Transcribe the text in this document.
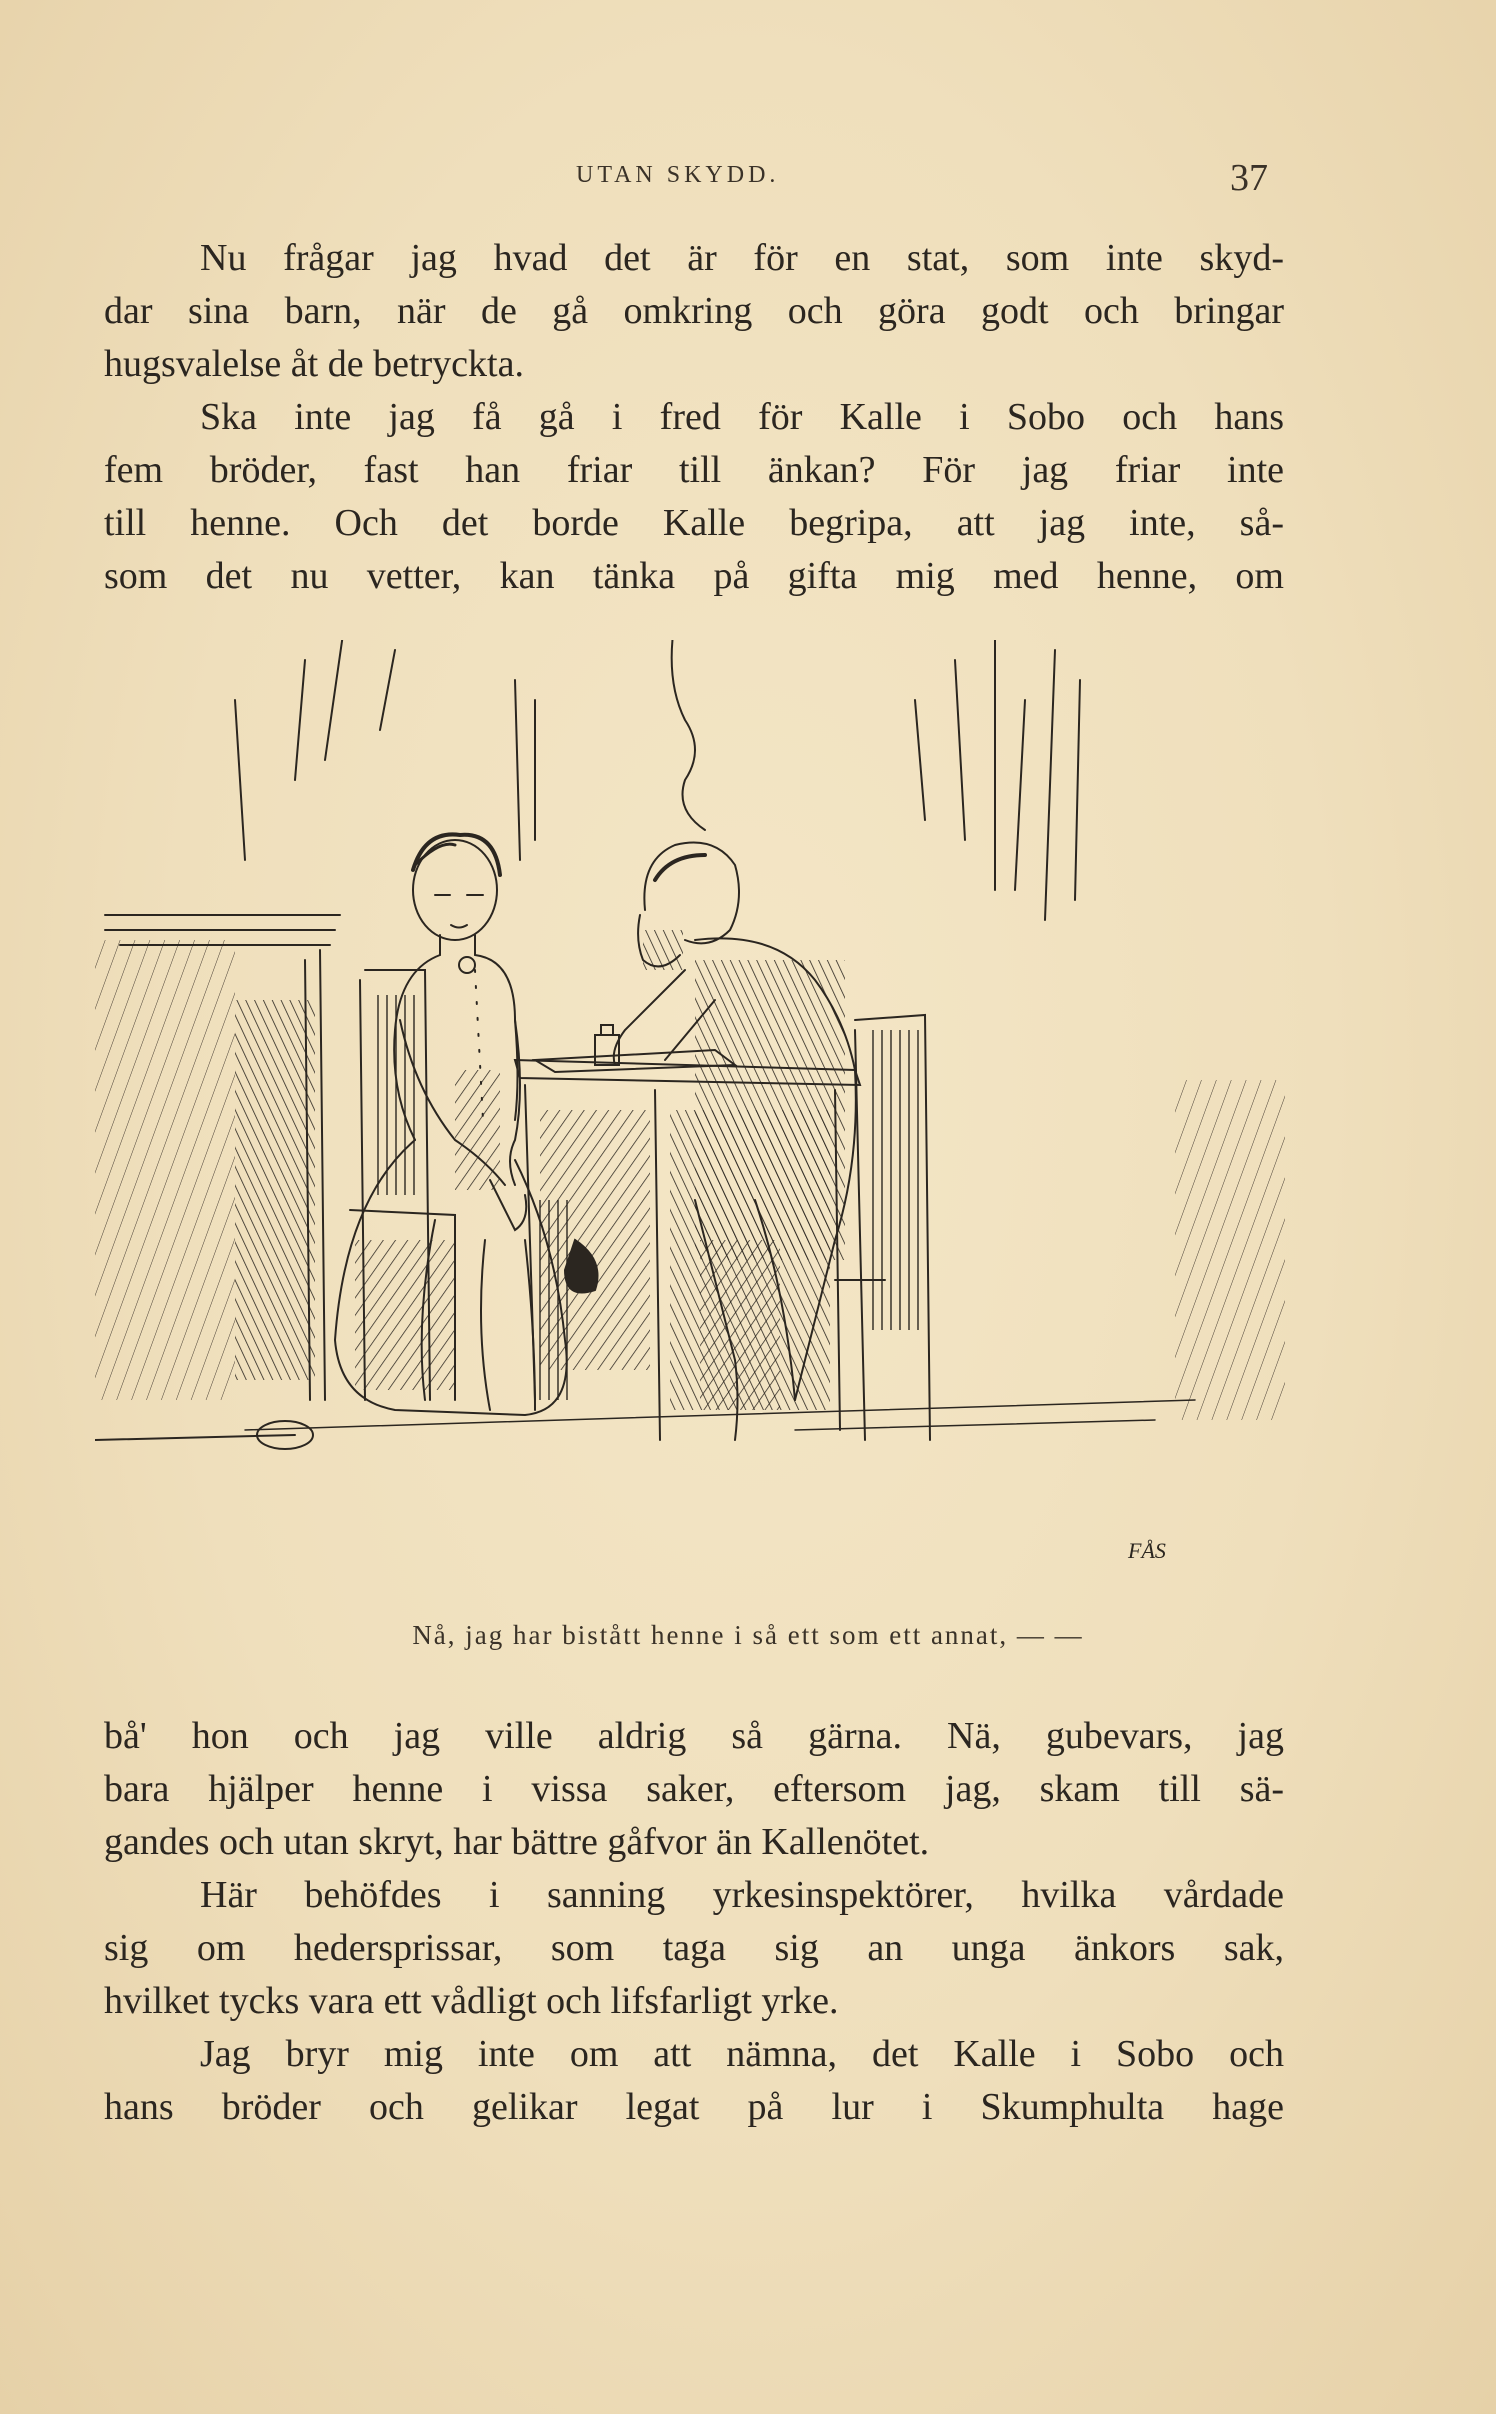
UTAN SKYDD.	37

Nu frågar jag hvad det är för en stat, som inte skyd-

dar sina barn, när de gå omkring och göra godt och bringar

hugsvalelse åt de betryckta.

Ska inte jag få gå i fred för Kalle i Sobo och hans

fem bröder, fast han friar till änkan? För jag friar inte

till henne. Och det borde Kalle begripa, att jag inte, så-

som det nu vetter, kan tänka på gifta mig med henne, om

FÅS
Nå, jag har bistått henne i så ett som ett annat, — —

bå' hon och jag ville aldrig så gärna. Nä, gubevars, jag

bara hjälper henne i vissa saker, eftersom jag, skam till sä-

gandes och utan skryt, har bättre gåfvor än Kallenötet.

Här behöfdes i sanning yrkesinspektörer, hvilka vårdade

sig om hedersprissar, som taga sig an unga änkors sak,

hvilket tycks vara ett vådligt och lifsfarligt yrke.

Jag bryr mig inte om att nämna, det Kalle i Sobo och

hans bröder och gelikar legat på lur i Skumphulta hage
